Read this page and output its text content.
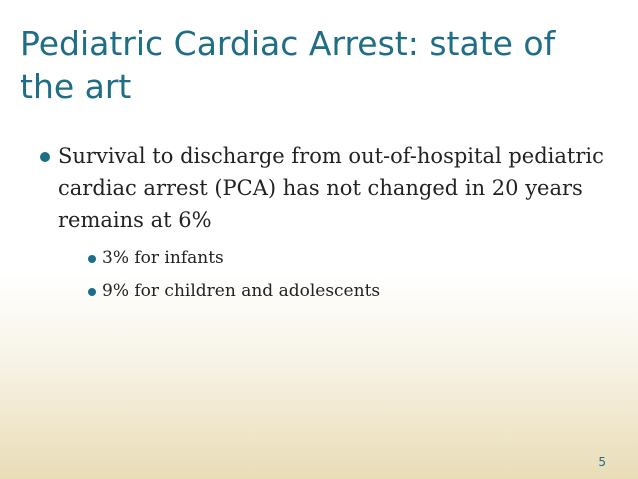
Pediatric Cardiac Arrest: state of the art
Survival to discharge from out-of-hospital pediatric cardiac arrest (PCA) has not changed in 20 years remains at 6%
3% for infants
9% for children and adolescents
5
